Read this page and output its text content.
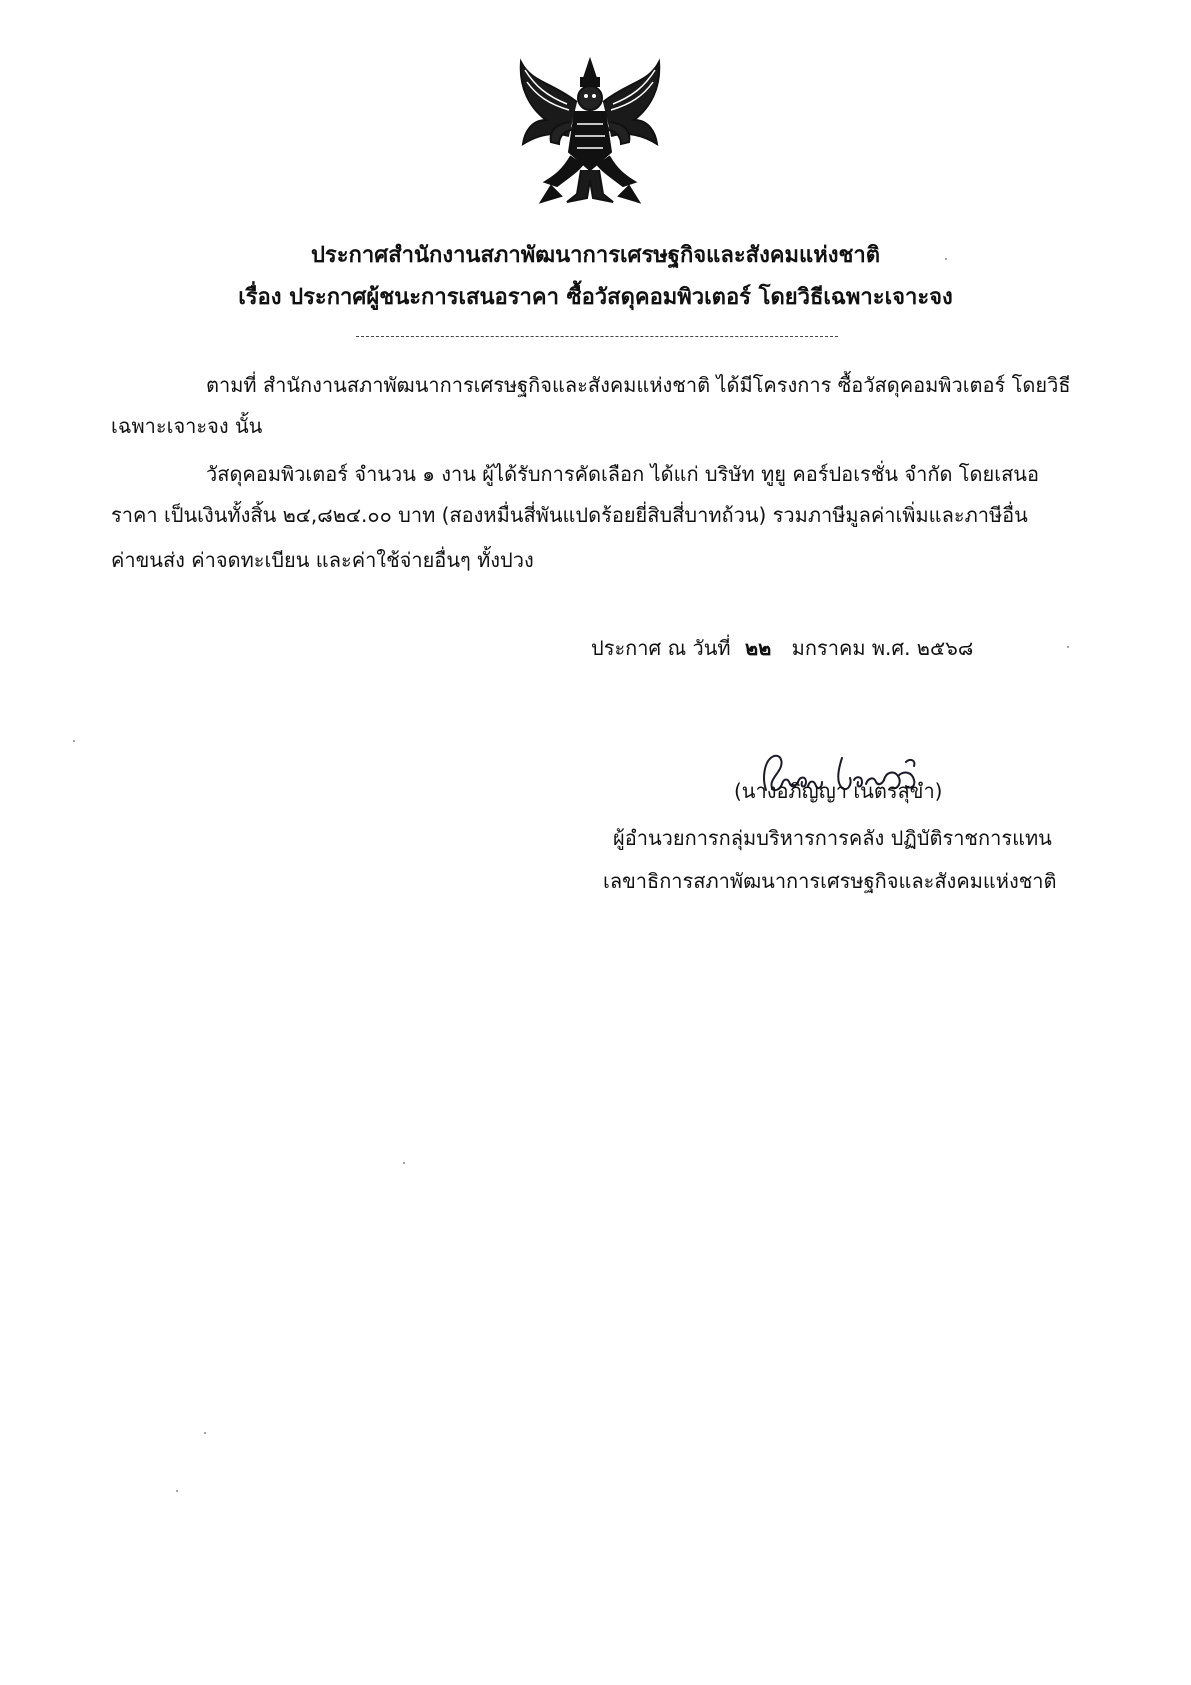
ประกาศสำนักงานสภาพัฒนาการเศรษฐกิจและสังคมแห่งชาติ
เรื่อง ประกาศผู้ชนะการเสนอราคา ซื้อวัสดุคอมพิวเตอร์ โดยวิธีเฉพาะเจาะจง
ตามที่ สำนักงานสภาพัฒนาการเศรษฐกิจและสังคมแห่งชาติ ได้มีโครงการ ซื้อวัสดุคอมพิวเตอร์ โดยวิธี
เฉพาะเจาะจง นั้น
วัสดุคอมพิวเตอร์ จำนวน ๑ งาน ผู้ได้รับการคัดเลือก ได้แก่ บริษัท ทูยู คอร์ปอเรชั่น จำกัด โดยเสนอ
ราคา เป็นเงินทั้งสิ้น ๒๔,๘๒๔.๐๐ บาท (สองหมื่นสี่พันแปดร้อยยี่สิบสี่บาทถ้วน) รวมภาษีมูลค่าเพิ่มและภาษีอื่น
ค่าขนส่ง ค่าจดทะเบียน และค่าใช้จ่ายอื่นๆ ทั้งปวง
ประกาศ ณ วันที่ ๒๒ มกราคม พ.ศ. ๒๕๖๘
(นางอภิญญา เนตรสุขำ)
ผู้อำนวยการกลุ่มบริหารการคลัง ปฏิบัติราชการแทน
เลขาธิการสภาพัฒนาการเศรษฐกิจและสังคมแห่งชาติ
